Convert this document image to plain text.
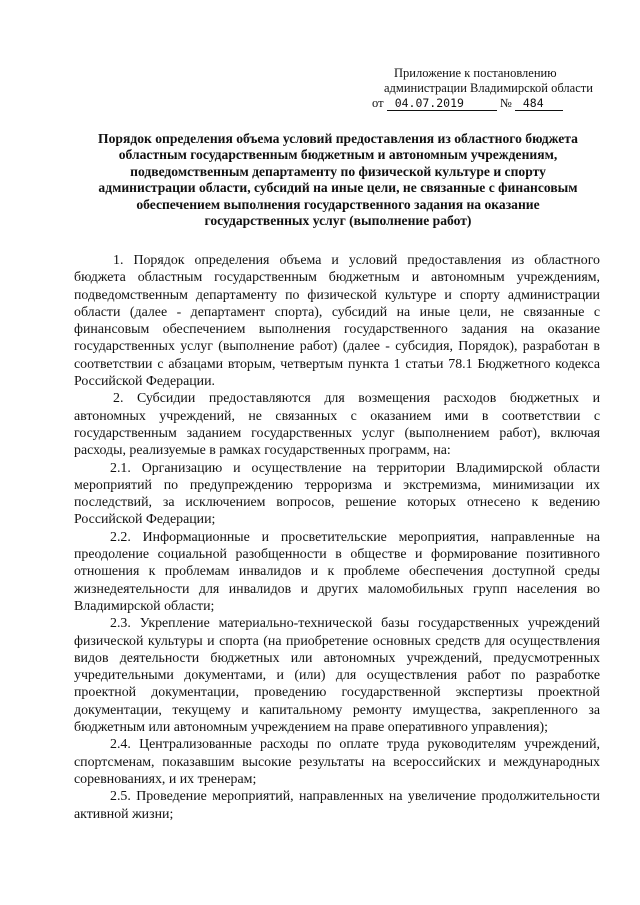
Приложение к постановлению
администрации Владимирской области
от 04.07.2019	№ 484
Порядок определения объема условий предоставления из областного бюджета областным государственным бюджетным и автономным учреждениям, подведомственным департаменту по физической культуре и спорту администрации области, субсидий на иные цели, не связанные с финансовым обеспечением выполнения государственного задания на оказание государственных услуг (выполнение работ)

1. Порядок определения объема и условий предоставления из областного бюджета областным государственным бюджетным и автономным учреждениям, подведомственным департаменту по физической культуре и спорту администрации области (далее - департамент спорта), субсидий на иные цели, не связанные с финансовым обеспечением выполнения государственного задания на оказание государственных услуг (выполнение работ) (далее - субсидия, Порядок), разработан в соответствии с абзацами вторым, четвертым пункта 1 статьи 78.1 Бюджетного кодекса Российской Федерации.

2. Субсидии предоставляются для возмещения расходов бюджетных и автономных учреждений, не связанных с оказанием ими в соответствии с государственным заданием государственных услуг (выполнением работ), включая расходы, реализуемые в рамках государственных программ, на:

2.1. Организацию и осуществление на территории Владимирской области мероприятий по предупреждению терроризма и экстремизма, минимизации их последствий, за исключением вопросов, решение которых отнесено к ведению Российской Федерации;

2.2. Информационные и просветительские мероприятия, направленные на преодоление социальной разобщенности в обществе и формирование позитивного отношения к проблемам инвалидов и к проблеме обеспечения доступной среды жизнедеятельности для инвалидов и других маломобильных групп населения во Владимирской области;

2.3. Укрепление материально-технической базы государственных учреждений физической культуры и спорта (на приобретение основных средств для осуществления видов деятельности бюджетных или автономных учреждений, предусмотренных учредительными документами, и (или) для осуществления работ по разработке проектной документации, проведению государственной экспертизы проектной документации, текущему и капитальному ремонту имущества, закрепленного за бюджетным или автономным учреждением на праве оперативного управления);

2.4. Централизованные расходы по оплате труда руководителям учреждений, спортсменам, показавшим высокие результаты на всероссийских и международных соревнованиях, и их тренерам;

2.5. Проведение мероприятий, направленных на увеличение продолжительности активной жизни;
